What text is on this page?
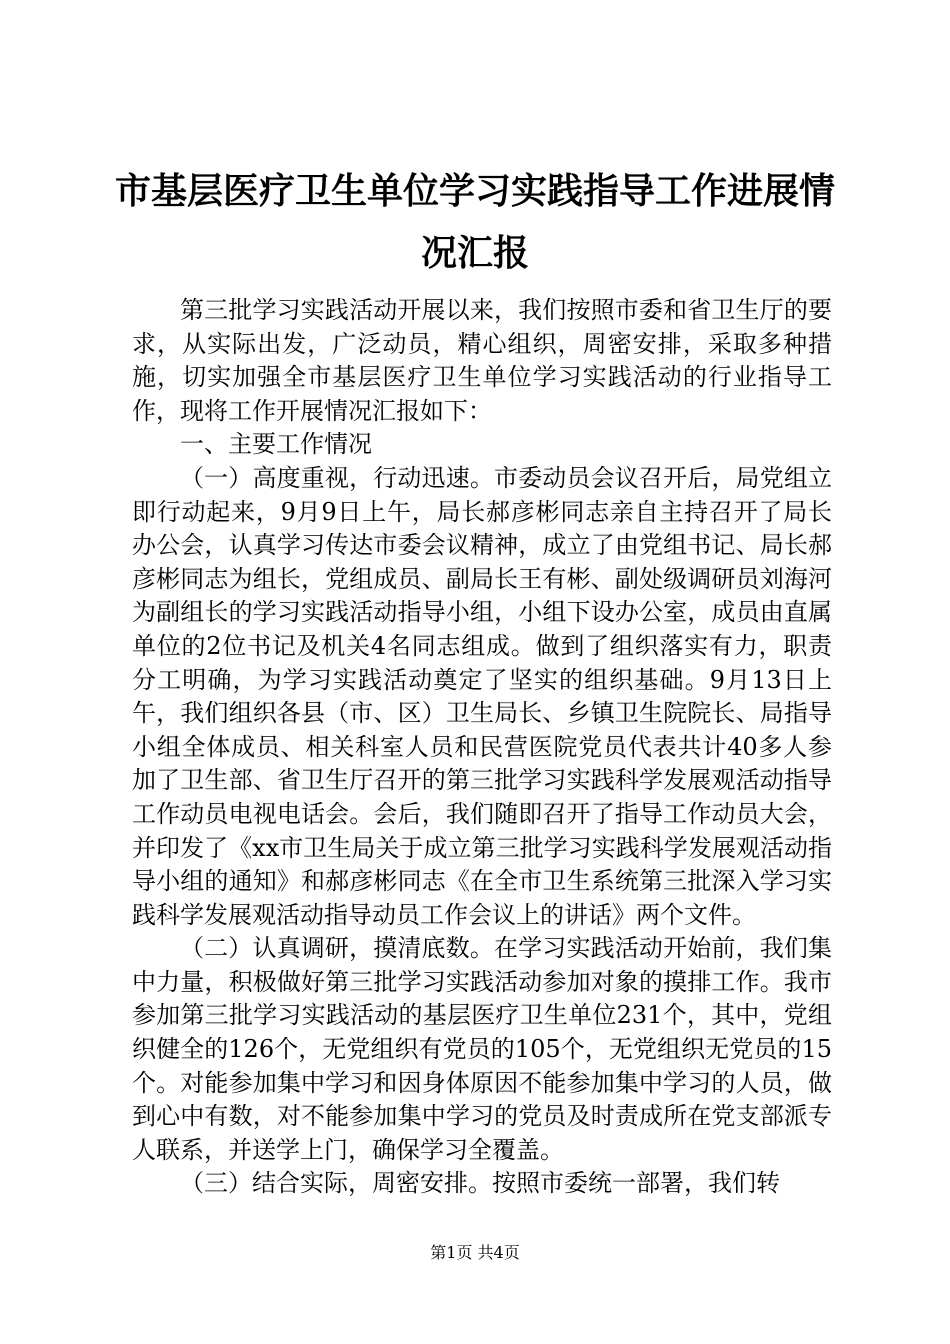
市基层医疗卫生单位学习实践指导工作进展情况汇报

第三批学习实践活动开展以来，我们按照市委和省卫生厅的要求，从实际出发，广泛动员，精心组织，周密安排，采取多种措施，切实加强全市基层医疗卫生单位学习实践活动的行业指导工作，现将工作开展情况汇报如下：

一、主要工作情况

（一）高度重视，行动迅速。市委动员会议召开后，局党组立即行动起来，9月9日上午，局长郝彦彬同志亲自主持召开了局长办公会，认真学习传达市委会议精神，成立了由党组书记、局长郝彦彬同志为组长，党组成员、副局长王有彬、副处级调研员刘海河为副组长的学习实践活动指导小组，小组下设办公室，成员由直属单位的2位书记及机关4名同志组成。做到了组织落实有力，职责分工明确，为学习实践活动奠定了坚实的组织基础。9月13日上午，我们组织各县（市、区）卫生局长、乡镇卫生院院长、局指导小组全体成员、相关科室人员和民营医院党员代表共计40多人参加了卫生部、省卫生厅召开的第三批学习实践科学发展观活动指导工作动员电视电话会。会后，我们随即召开了指导工作动员大会，并印发了《xx市卫生局关于成立第三批学习实践科学发展观活动指导小组的通知》和郝彦彬同志《在全市卫生系统第三批深入学习实践科学发展观活动指导动员工作会议上的讲话》两个文件。

（二）认真调研，摸清底数。在学习实践活动开始前，我们集中力量，积极做好第三批学习实践活动参加对象的摸排工作。我市参加第三批学习实践活动的基层医疗卫生单位231个，其中，党组织健全的126个，无党组织有党员的105个，无党组织无党员的15个。对能参加集中学习和因身体原因不能参加集中学习的人员，做到心中有数，对不能参加集中学习的党员及时责成所在党支部派专人联系，并送学上门，确保学习全覆盖。

（三）结合实际，周密安排。按照市委统一部署，我们转

第1页 共4页
